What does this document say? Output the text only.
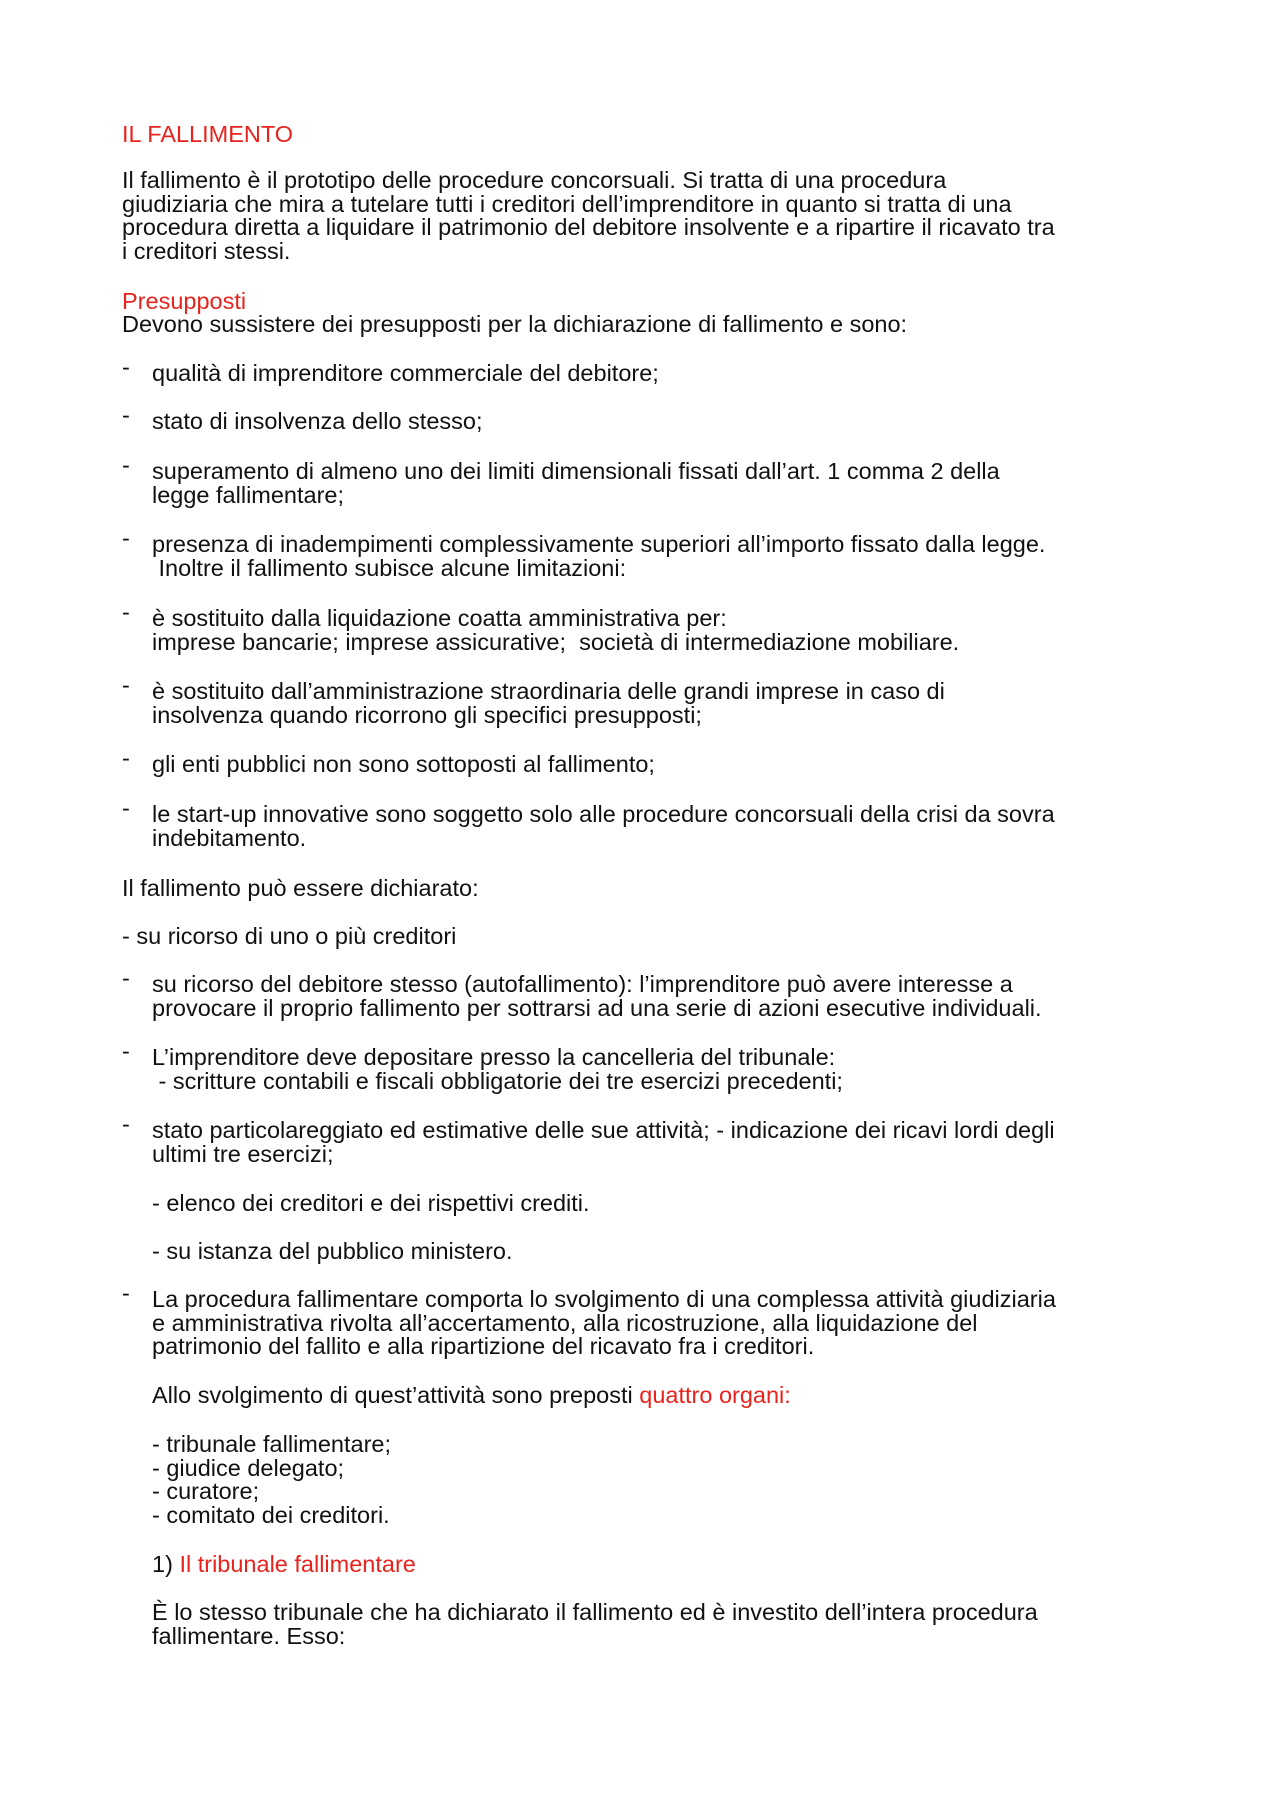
IL FALLIMENTO

Il fallimento è il prototipo delle procedure concorsuali. Si tratta di una procedura
giudiziaria che mira a tutelare tutti i creditori dell’imprenditore in quanto si tratta di una
procedura diretta a liquidare il patrimonio del debitore insolvente e a ripartire il ricavato tra
i creditori stessi.

Presupposti

Devono sussistere dei presupposti per la dichiarazione di fallimento e sono:

- qualità di imprenditore commerciale del debitore;
- stato di insolvenza dello stesso;
- superamento di almeno uno dei limiti dimensionali fissati dall’art. 1 comma 2 della
legge fallimentare;
- presenza di inadempimenti complessivamente superiori all’importo fissato dalla legge.
Inoltre il fallimento subisce alcune limitazioni:
- è sostituito dalla liquidazione coatta amministrativa per:
imprese bancarie; imprese assicurative;  società di intermediazione mobiliare.
- è sostituito dall’amministrazione straordinaria delle grandi imprese in caso di
insolvenza quando ricorrono gli specifici presupposti;
- gli enti pubblici non sono sottoposti al fallimento;
- le start-up innovative sono soggetto solo alle procedure concorsuali della crisi da sovra
indebitamento.

Il fallimento può essere dichiarato:

- su ricorso di uno o più creditori

- su ricorso del debitore stesso (autofallimento): l’imprenditore può avere interesse a
provocare il proprio fallimento per sottrarsi ad una serie di azioni esecutive individuali.
- L’imprenditore deve depositare presso la cancelleria del tribunale:
- scritture contabili e fiscali obbligatorie dei tre esercizi precedenti;
- stato particolareggiato ed estimative delle sue attività; - indicazione dei ricavi lordi degli
ultimi tre esercizi;

- elenco dei creditori e dei rispettivi crediti.

- su istanza del pubblico ministero.

- La procedura fallimentare comporta lo svolgimento di una complessa attività giudiziaria
e amministrativa rivolta all’accertamento, alla ricostruzione, alla liquidazione del
patrimonio del fallito e alla ripartizione del ricavato fra i creditori.

Allo svolgimento di quest’attività sono preposti quattro organi:

- tribunale fallimentare;
- giudice delegato;
- curatore;
- comitato dei creditori.

1) Il tribunale fallimentare

È lo stesso tribunale che ha dichiarato il fallimento ed è investito dell’intera procedura
fallimentare. Esso:
